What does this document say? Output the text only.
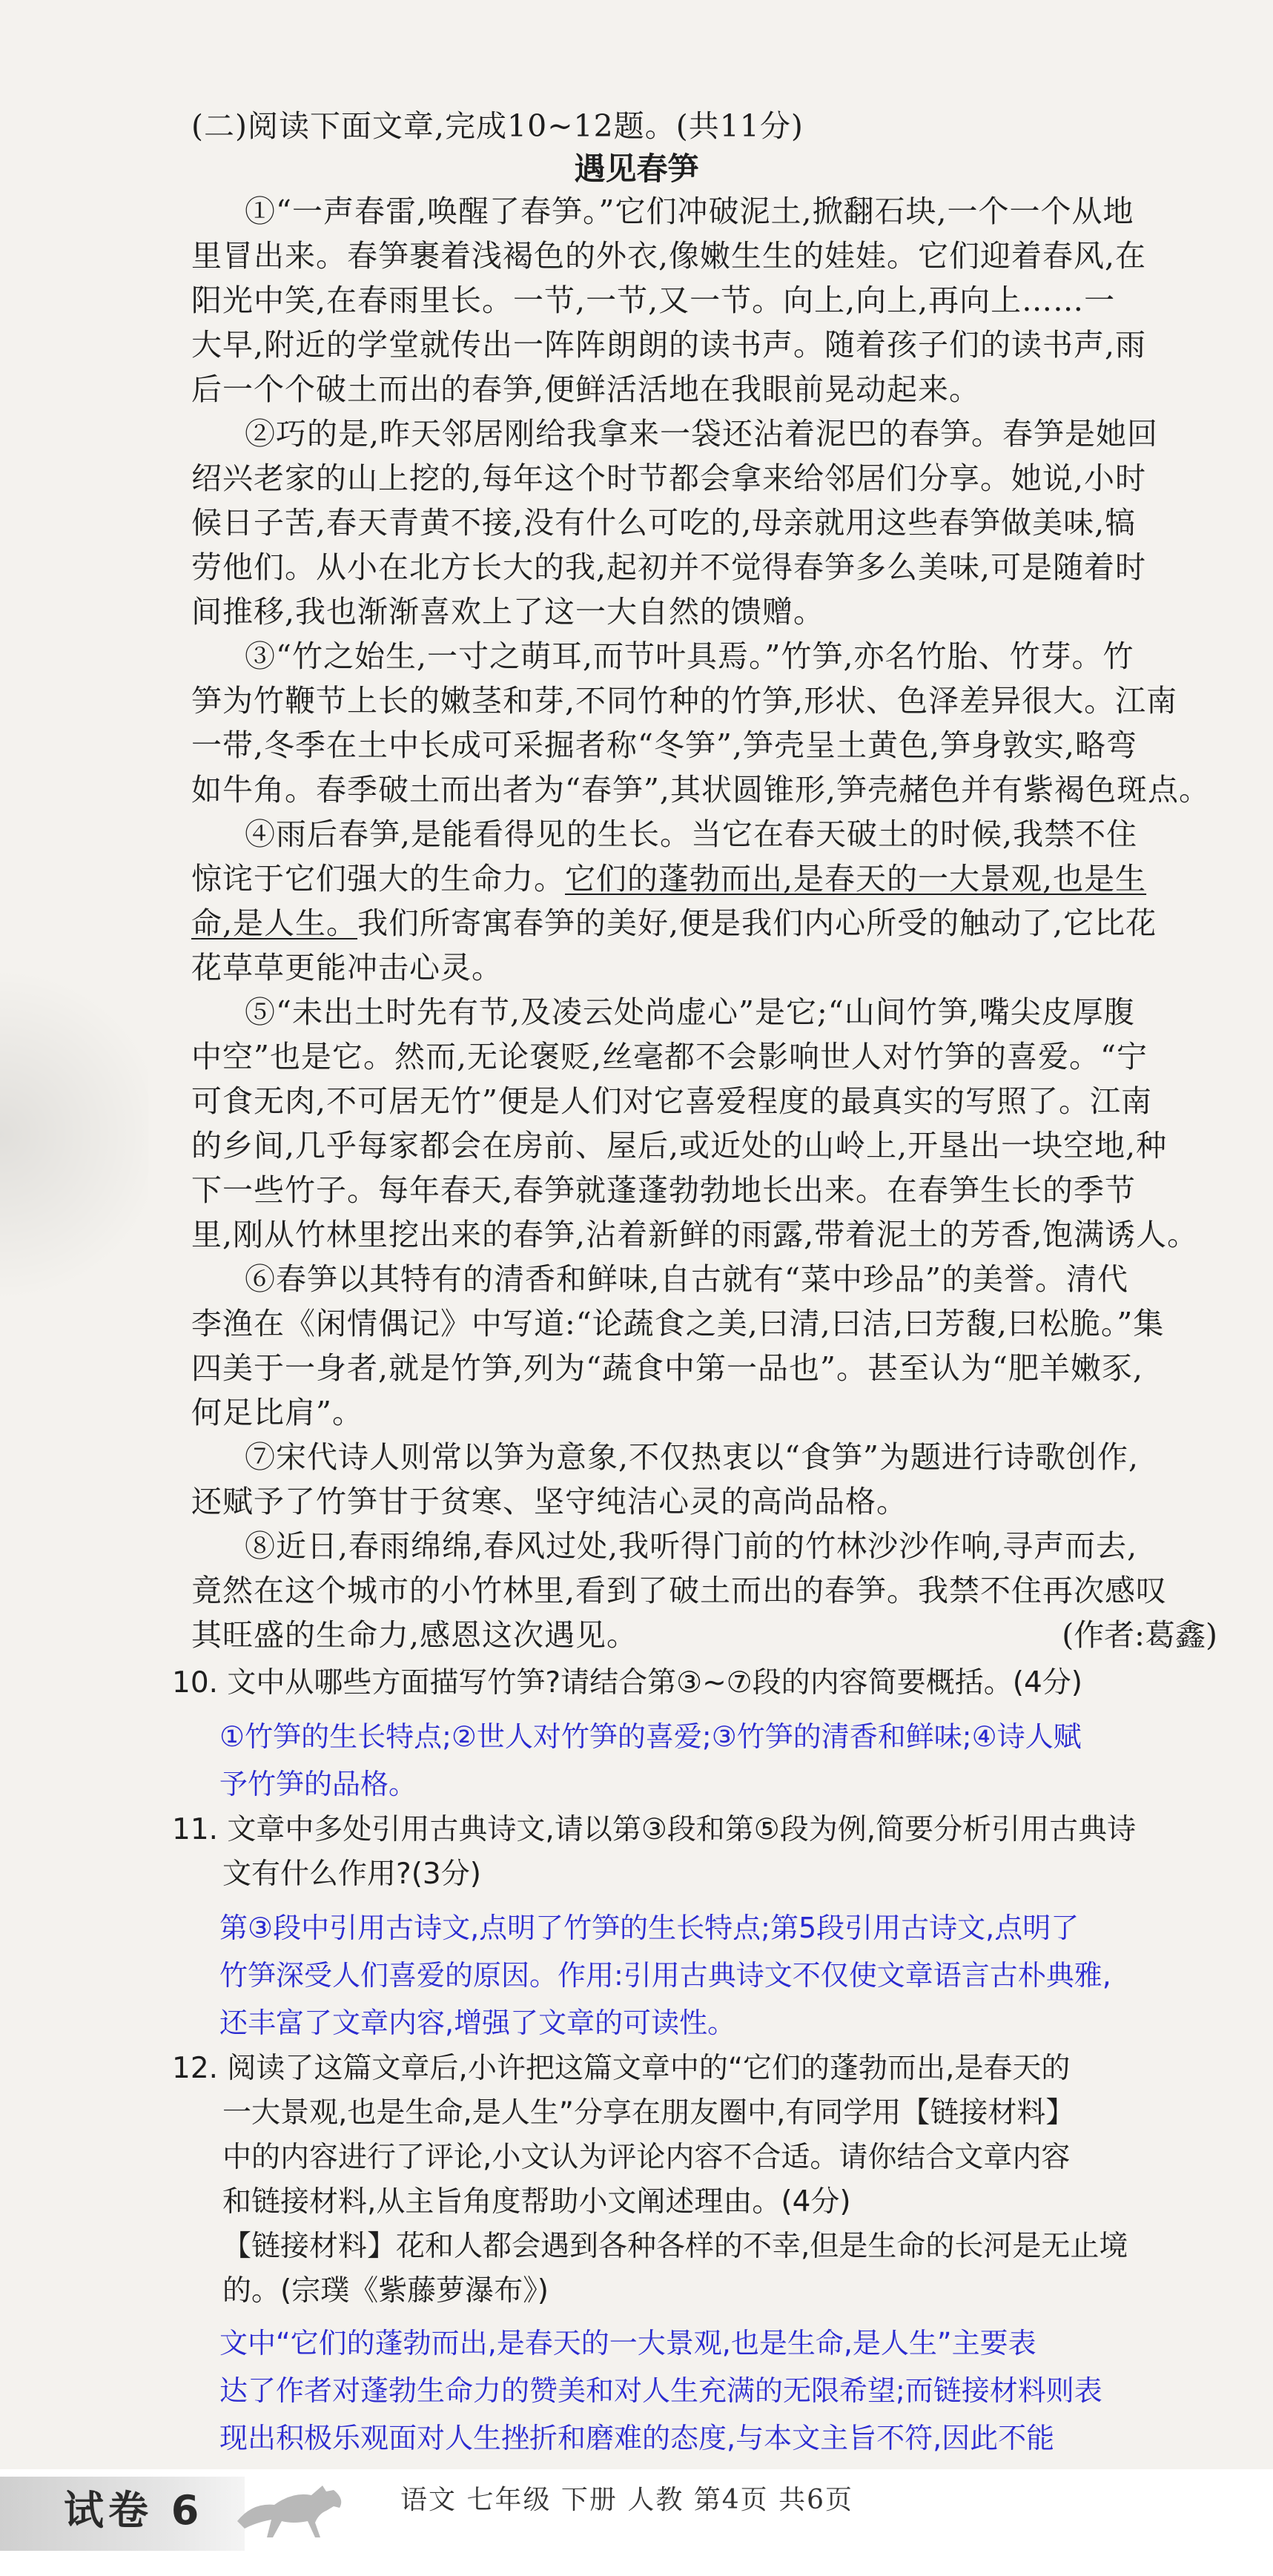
(二)阅读下面文章,完成10~12题。(共11分)
遇见春笋
①“一声春雷,唤醒了春笋。”它们冲破泥土,掀翻石块,一个一个从地
里冒出来。春笋裹着浅褐色的外衣,像嫩生生的娃娃。它们迎着春风,在
阳光中笑,在春雨里长。一节,一节,又一节。向上,向上,再向上……一
大早,附近的学堂就传出一阵阵朗朗的读书声。随着孩子们的读书声,雨
后一个个破土而出的春笋,便鲜活活地在我眼前晃动起来。
②巧的是,昨天邻居刚给我拿来一袋还沾着泥巴的春笋。春笋是她回
绍兴老家的山上挖的,每年这个时节都会拿来给邻居们分享。她说,小时
候日子苦,春天青黄不接,没有什么可吃的,母亲就用这些春笋做美味,犒
劳他们。从小在北方长大的我,起初并不觉得春笋多么美味,可是随着时
间推移,我也渐渐喜欢上了这一大自然的馈赠。
③“竹之始生,一寸之萌耳,而节叶具焉。”竹笋,亦名竹胎、竹芽。竹
笋为竹鞭节上长的嫩茎和芽,不同竹种的竹笋,形状、色泽差异很大。江南
一带,冬季在土中长成可采掘者称“冬笋”,笋壳呈土黄色,笋身敦实,略弯
如牛角。春季破土而出者为“春笋”,其状圆锥形,笋壳赭色并有紫褐色斑点。
④雨后春笋,是能看得见的生长。当它在春天破土的时候,我禁不住
惊诧于它们强大的生命力。它们的蓬勃而出,是春天的一大景观,也是生
命,是人生。我们所寄寓春笋的美好,便是我们内心所受的触动了,它比花
花草草更能冲击心灵。
⑤“未出土时先有节,及凌云处尚虚心”是它;“山间竹笋,嘴尖皮厚腹
中空”也是它。然而,无论褒贬,丝毫都不会影响世人对竹笋的喜爱。“宁
可食无肉,不可居无竹”便是人们对它喜爱程度的最真实的写照了。江南
的乡间,几乎每家都会在房前、屋后,或近处的山岭上,开垦出一块空地,种
下一些竹子。每年春天,春笋就蓬蓬勃勃地长出来。在春笋生长的季节
里,刚从竹林里挖出来的春笋,沾着新鲜的雨露,带着泥土的芳香,饱满诱人。
⑥春笋以其特有的清香和鲜味,自古就有“菜中珍品”的美誉。清代
李渔在《闲情偶记》中写道:“论蔬食之美,曰清,曰洁,曰芳馥,曰松脆。”集
四美于一身者,就是竹笋,列为“蔬食中第一品也”。甚至认为“肥羊嫩豕,
何足比肩”。
⑦宋代诗人则常以笋为意象,不仅热衷以“食笋”为题进行诗歌创作,
还赋予了竹笋甘于贫寒、坚守纯洁心灵的高尚品格。
⑧近日,春雨绵绵,春风过处,我听得门前的竹林沙沙作响,寻声而去,
竟然在这个城市的小竹林里,看到了破土而出的春笋。我禁不住再次感叹
其旺盛的生命力,感恩这次遇见。	(作者:葛鑫)
10. 文中从哪些方面描写竹笋?请结合第③~⑦段的内容简要概括。(4分)
①竹笋的生长特点;②世人对竹笋的喜爱;③竹笋的清香和鲜味;④诗人赋
予竹笋的品格。
11. 文章中多处引用古典诗文,请以第③段和第⑤段为例,简要分析引用古典诗
文有什么作用?(3分)
第③段中引用古诗文,点明了竹笋的生长特点;第5段引用古诗文,点明了
竹笋深受人们喜爱的原因。作用:引用古典诗文不仅使文章语言古朴典雅,
还丰富了文章内容,增强了文章的可读性。
12. 阅读了这篇文章后,小许把这篇文章中的“它们的蓬勃而出,是春天的
一大景观,也是生命,是人生”分享在朋友圈中,有同学用【链接材料】
中的内容进行了评论,小文认为评论内容不合适。请你结合文章内容
和链接材料,从主旨角度帮助小文阐述理由。(4分)
【链接材料】花和人都会遇到各种各样的不幸,但是生命的长河是无止境
的。(宗璞《紫藤萝瀑布》)
文中“它们的蓬勃而出,是春天的一大景观,也是生命,是人生”主要表
达了作者对蓬勃生命力的赞美和对人生充满的无限希望;而链接材料则表
现出积极乐观面对人生挫折和磨难的态度,与本文主旨不符,因此不能
试卷 6	语文 七年级 下册 人教 第4页 共6页
